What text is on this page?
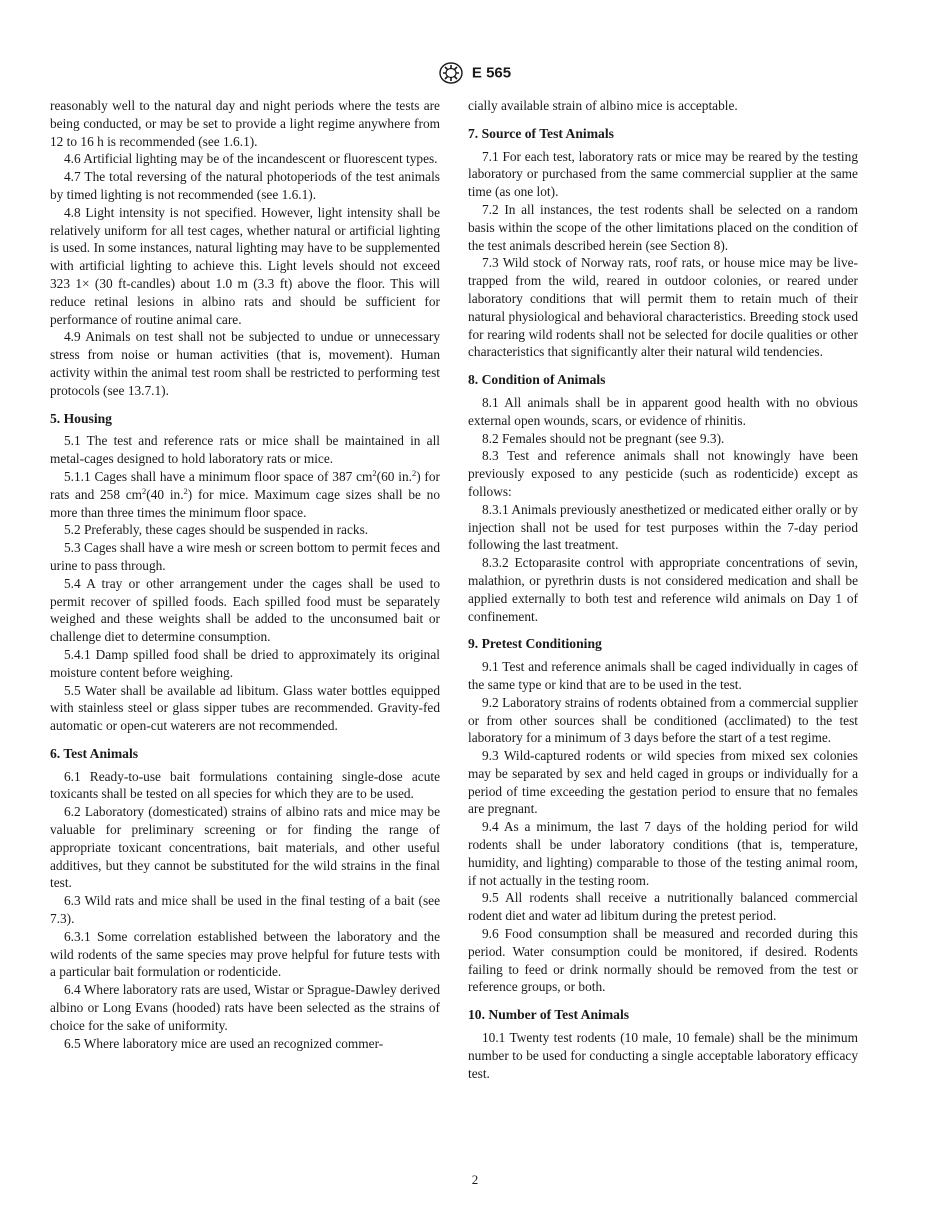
E 565

reasonably well to the natural day and night periods where the tests are being conducted, or may be set to provide a light regime anywhere from 12 to 16 h is recommended (see 1.6.1).

4.6 Artificial lighting may be of the incandescent or fluorescent types.

4.7 The total reversing of the natural photoperiods of the test animals by timed lighting is not recommended (see 1.6.1).

4.8 Light intensity is not specified. However, light intensity shall be relatively uniform for all test cages, whether natural or artificial lighting is used. In some instances, natural lighting may have to be supplemented with artificial lighting to achieve this. Light levels should not exceed 323 1× (30 ft-candles) about 1.0 m (3.3 ft) above the floor. This will reduce retinal lesions in albino rats and should be sufficient for performance of routine animal care.

4.9 Animals on test shall not be subjected to undue or unnecessary stress from noise or human activities (that is, movement). Human activity within the animal test room shall be restricted to performing test protocols (see 13.7.1).

5. Housing

5.1 The test and reference rats or mice shall be maintained in all metal-cages designed to hold laboratory rats or mice.

5.1.1 Cages shall have a minimum floor space of 387 $cm^2(60$ in.$^2$) for rats and 258 $cm^2(40$ in.$^2$) for mice. Maximum cage sizes shall be no more than three times the minimum floor space.

5.2 Preferably, these cages should be suspended in racks.

5.3 Cages shall have a wire mesh or screen bottom to permit feces and urine to pass through.

5.4 A tray or other arrangement under the cages shall be used to permit recover of spilled foods. Each spilled food must be separately weighed and these weights shall be added to the unconsumed bait or challenge diet to determine consumption.

5.4.1 Damp spilled food shall be dried to approximately its original moisture content before weighing.

5.5 Water shall be available ad libitum. Glass water bottles equipped with stainless steel or glass sipper tubes are recommended. Gravity-fed automatic or open-cut waterers are not recommended.

6. Test Animals

6.1 Ready-to-use bait formulations containing single-dose acute toxicants shall be tested on all species for which they are to be used.

6.2 Laboratory (domesticated) strains of albino rats and mice may be valuable for preliminary screening or for finding the range of appropriate toxicant concentrations, bait materials, and other useful additives, but they cannot be substituted for the wild strains in the final test.

6.3 Wild rats and mice shall be used in the final testing of a bait (see 7.3).

6.3.1 Some correlation established between the laboratory and the wild rodents of the same species may prove helpful for future tests with a particular bait formulation or rodenticide.

6.4 Where laboratory rats are used, Wistar or Sprague-Dawley derived albino or Long Evans (hooded) rats have been selected as the strains of choice for the sake of uniformity.

6.5 Where laboratory mice are used an recognized commer-

cially available strain of albino mice is acceptable.

7. Source of Test Animals

7.1 For each test, laboratory rats or mice may be reared by the testing laboratory or purchased from the same commercial supplier at the same time (as one lot).

7.2 In all instances, the test rodents shall be selected on a random basis within the scope of the other limitations placed on the condition of the test animals described herein (see Section 8).

7.3 Wild stock of Norway rats, roof rats, or house mice may be live-trapped from the wild, reared in outdoor colonies, or reared under laboratory conditions that will permit them to retain much of their natural physiological and behavioral characteristics. Breeding stock used for rearing wild rodents shall not be selected for docile qualities or other characteristics that significantly alter their natural wild tendencies.

8. Condition of Animals

8.1 All animals shall be in apparent good health with no obvious external open wounds, scars, or evidence of rhinitis.

8.2 Females should not be pregnant (see 9.3).

8.3 Test and reference animals shall not knowingly have been previously exposed to any pesticide (such as rodenticide) except as follows:

8.3.1 Animals previously anesthetized or medicated either orally or by injection shall not be used for test purposes within the 7-day period following the last treatment.

8.3.2 Ectoparasite control with appropriate concentrations of sevin, malathion, or pyrethrin dusts is not considered medication and shall be applied externally to both test and reference wild animals on Day 1 of confinement.

9. Pretest Conditioning

9.1 Test and reference animals shall be caged individually in cages of the same type or kind that are to be used in the test.

9.2 Laboratory strains of rodents obtained from a commercial supplier or from other sources shall be conditioned (acclimated) to the test laboratory for a minimum of 3 days before the start of a test regime.

9.3 Wild-captured rodents or wild species from mixed sex colonies may be separated by sex and held caged in groups or individually for a period of time exceeding the gestation period to ensure that no females are pregnant.

9.4 As a minimum, the last 7 days of the holding period for wild rodents shall be under laboratory conditions (that is, temperature, humidity, and lighting) comparable to those of the testing animal room, if not actually in the testing room.

9.5 All rodents shall receive a nutritionally balanced commercial rodent diet and water ad libitum during the pretest period.

9.6 Food consumption shall be measured and recorded during this period. Water consumption could be monitored, if desired. Rodents failing to feed or drink normally should be removed from the test or reference groups, or both.

10. Number of Test Animals

10.1 Twenty test rodents (10 male, 10 female) shall be the minimum number to be used for conducting a single acceptable laboratory efficacy test.

2
